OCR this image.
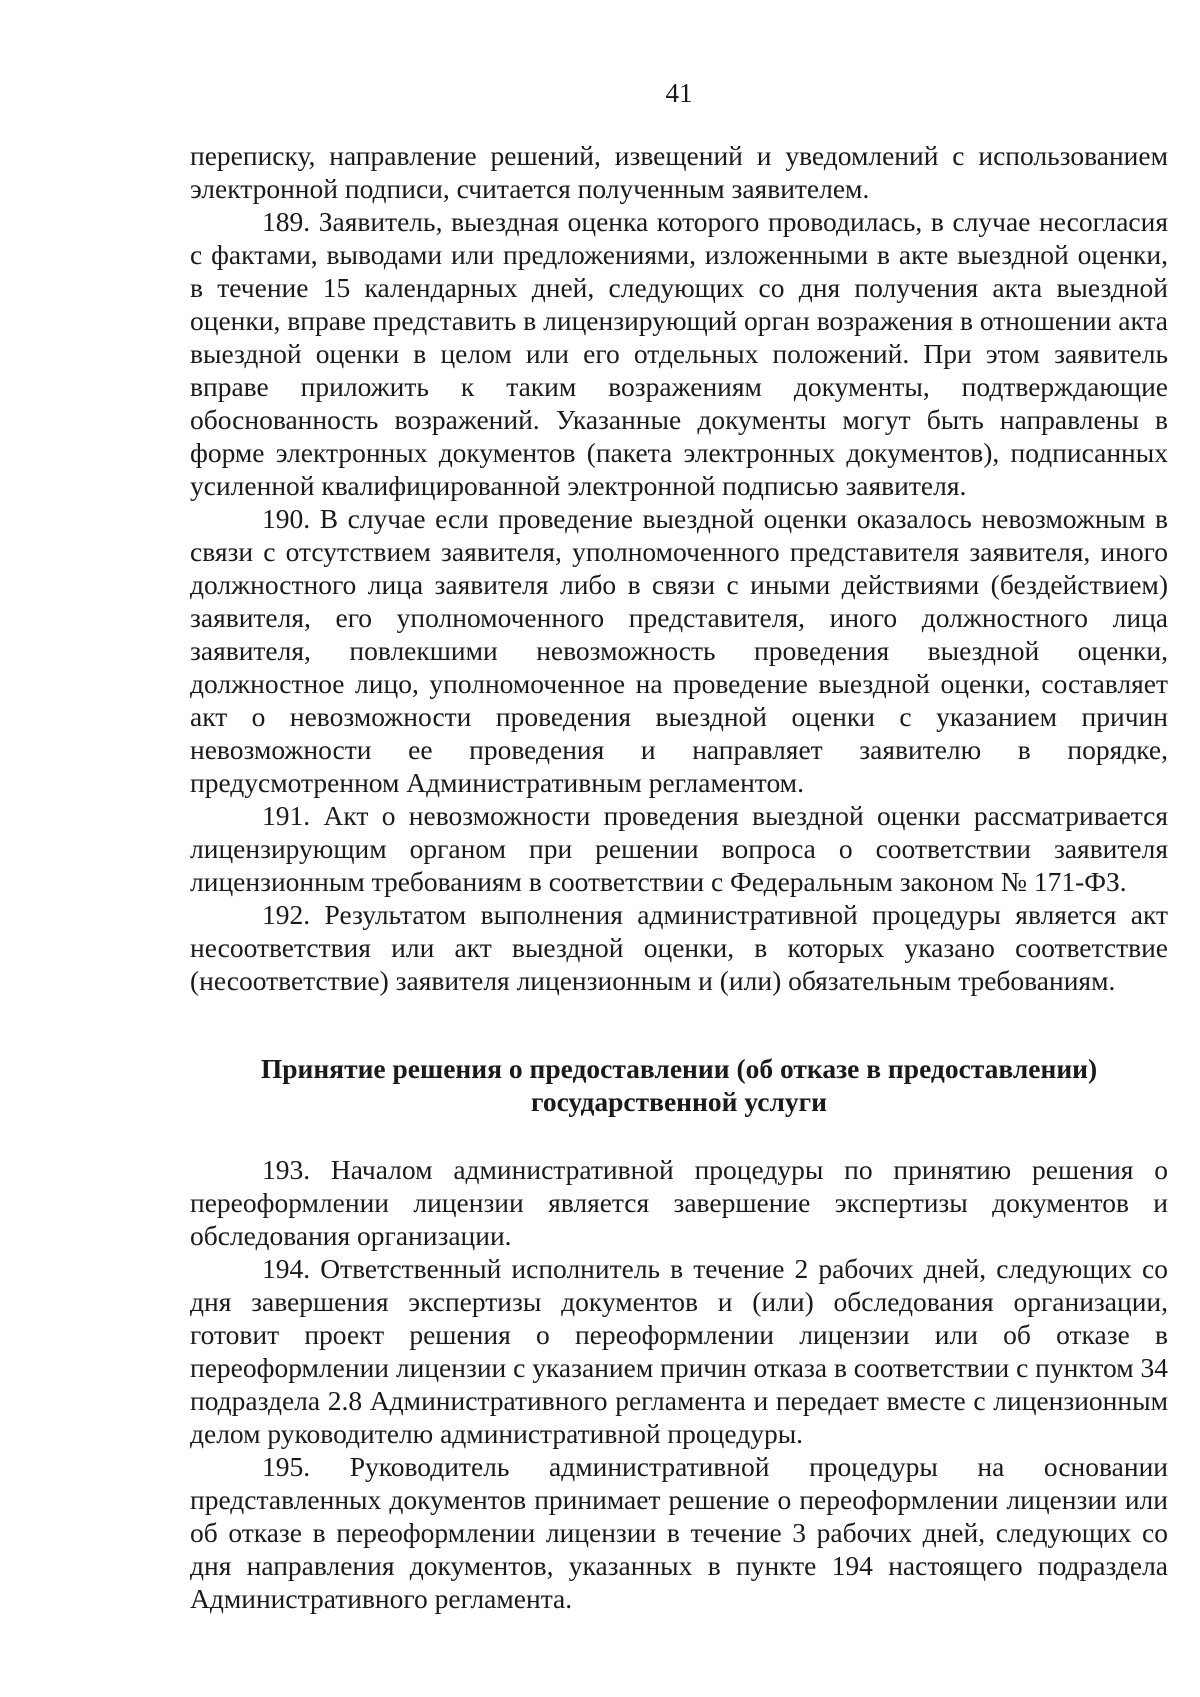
41

переписку, направление решений, извещений и уведомлений с использованием электронной подписи, считается полученным заявителем.

189. Заявитель, выездная оценка которого проводилась, в случае несогласия с фактами, выводами или предложениями, изложенными в акте выездной оценки, в течение 15 календарных дней, следующих со дня получения акта выездной оценки, вправе представить в лицензирующий орган возражения в отношении акта выездной оценки в целом или его отдельных положений. При этом заявитель вправе приложить к таким возражениям документы, подтверждающие обоснованность возражений. Указанные документы могут быть направлены в форме электронных документов (пакета электронных документов), подписанных усиленной квалифицированной электронной подписью заявителя.

190. В случае если проведение выездной оценки оказалось невозможным в связи с отсутствием заявителя, уполномоченного представителя заявителя, иного должностного лица заявителя либо в связи с иными действиями (бездействием) заявителя, его уполномоченного представителя, иного должностного лица заявителя, повлекшими невозможность проведения выездной оценки, должностное лицо, уполномоченное на проведение выездной оценки, составляет акт о невозможности проведения выездной оценки с указанием причин невозможности ее проведения и направляет заявителю в порядке, предусмотренном Административным регламентом.

191. Акт о невозможности проведения выездной оценки рассматривается лицензирующим органом при решении вопроса о соответствии заявителя лицензионным требованиям в соответствии с Федеральным законом № 171-ФЗ.

192. Результатом выполнения административной процедуры является акт несоответствия или акт выездной оценки, в которых указано соответствие (несоответствие) заявителя лицензионным и (или) обязательным требованиям.

Принятие решения о предоставлении (об отказе в предоставлении)
государственной услуги

193. Началом административной процедуры по принятию решения о переоформлении лицензии является завершение экспертизы документов и обследования организации.

194. Ответственный исполнитель в течение 2 рабочих дней, следующих со дня завершения экспертизы документов и (или) обследования организации, готовит проект решения о переоформлении лицензии или об отказе в переоформлении лицензии с указанием причин отказа в соответствии с пунктом 34 подраздела 2.8 Административного регламента и передает вместе с лицензионным делом руководителю административной процедуры.

195. Руководитель административной процедуры на основании представленных документов принимает решение о переоформлении лицензии или об отказе в переоформлении лицензии в течение 3 рабочих дней, следующих со дня направления документов, указанных в пункте 194 настоящего подраздела Административного регламента.
